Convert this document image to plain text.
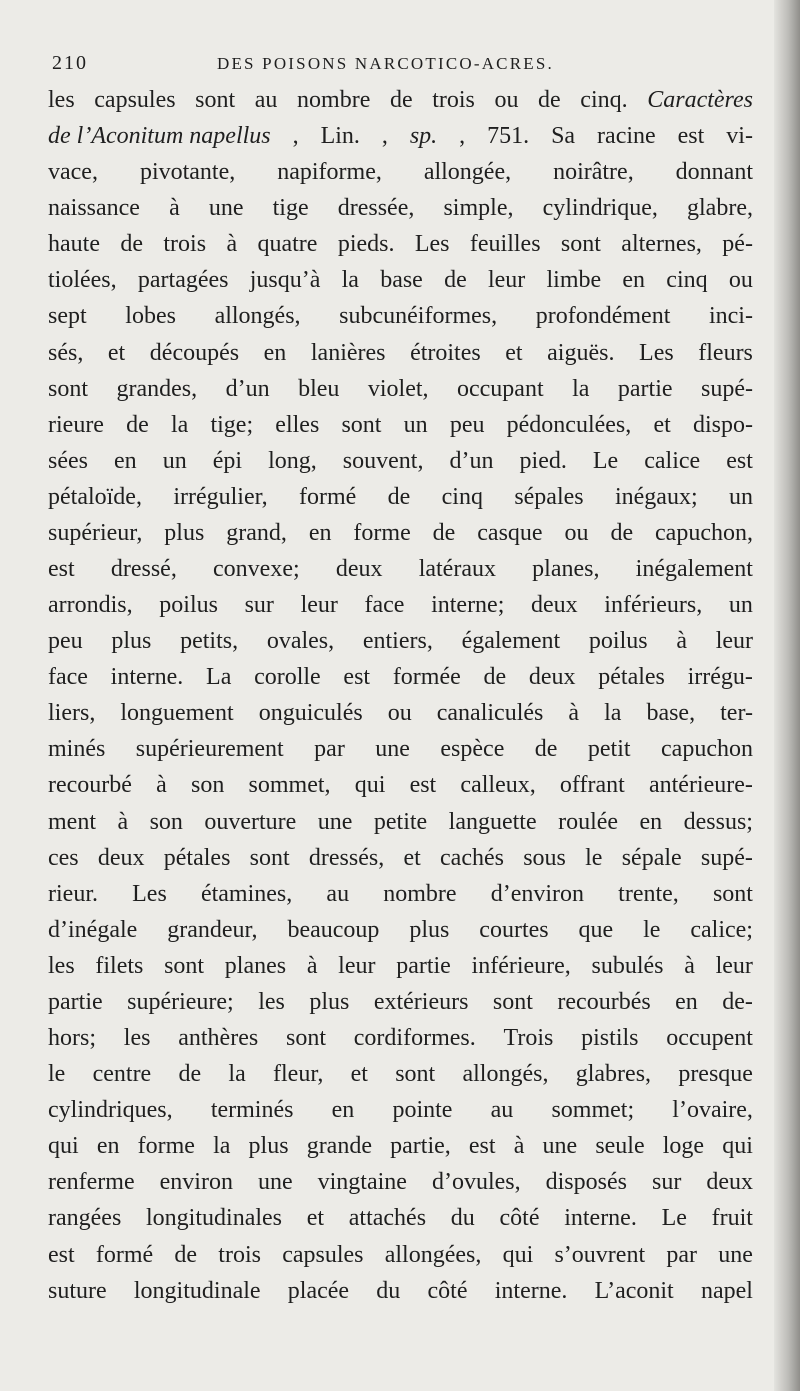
210	DES POISONS NARCOTICO-ACRES.
les capsules sont au nombre de trois ou de cinq. Caractères
de l’Aconitum napellus , Lin. , sp. , 751. Sa racine est vi-
vace, pivotante, napiforme, allongée, noirâtre, donnant
naissance à une tige dressée, simple, cylindrique, glabre,
haute de trois à quatre pieds. Les feuilles sont alternes, pé-
tiolées, partagées jusqu’à la base de leur limbe en cinq ou
sept lobes allongés, subcunéiformes, profondément inci-
sés, et découpés en lanières étroites et aiguës. Les fleurs
sont grandes, d’un bleu violet, occupant la partie supé-
rieure de la tige; elles sont un peu pédonculées, et dispo-
sées en un épi long, souvent, d’un pied. Le calice est
pétaloïde, irrégulier, formé de cinq sépales inégaux; un
supérieur, plus grand, en forme de casque ou de capuchon,
est dressé, convexe; deux latéraux planes, inégalement
arrondis, poilus sur leur face interne; deux inférieurs, un
peu plus petits, ovales, entiers, également poilus à leur
face interne. La corolle est formée de deux pétales irrégu-
liers, longuement onguiculés ou canaliculés à la base, ter-
minés supérieurement par une espèce de petit capuchon
recourbé à son sommet, qui est calleux, offrant antérieure-
ment à son ouverture une petite languette roulée en dessus;
ces deux pétales sont dressés, et cachés sous le sépale supé-
rieur. Les étamines, au nombre d’environ trente, sont
d’inégale grandeur, beaucoup plus courtes que le calice;
les filets sont planes à leur partie inférieure, subulés à leur
partie supérieure; les plus extérieurs sont recourbés en de-
hors; les anthères sont cordiformes. Trois pistils occupent
le centre de la fleur, et sont allongés, glabres, presque
cylindriques, terminés en pointe au sommet; l’ovaire,
qui en forme la plus grande partie, est à une seule loge qui
renferme environ une vingtaine d’ovules, disposés sur deux
rangées longitudinales et attachés du côté interne. Le fruit
est formé de trois capsules allongées, qui s’ouvrent par une
suture longitudinale placée du côté interne. L’aconit napel
